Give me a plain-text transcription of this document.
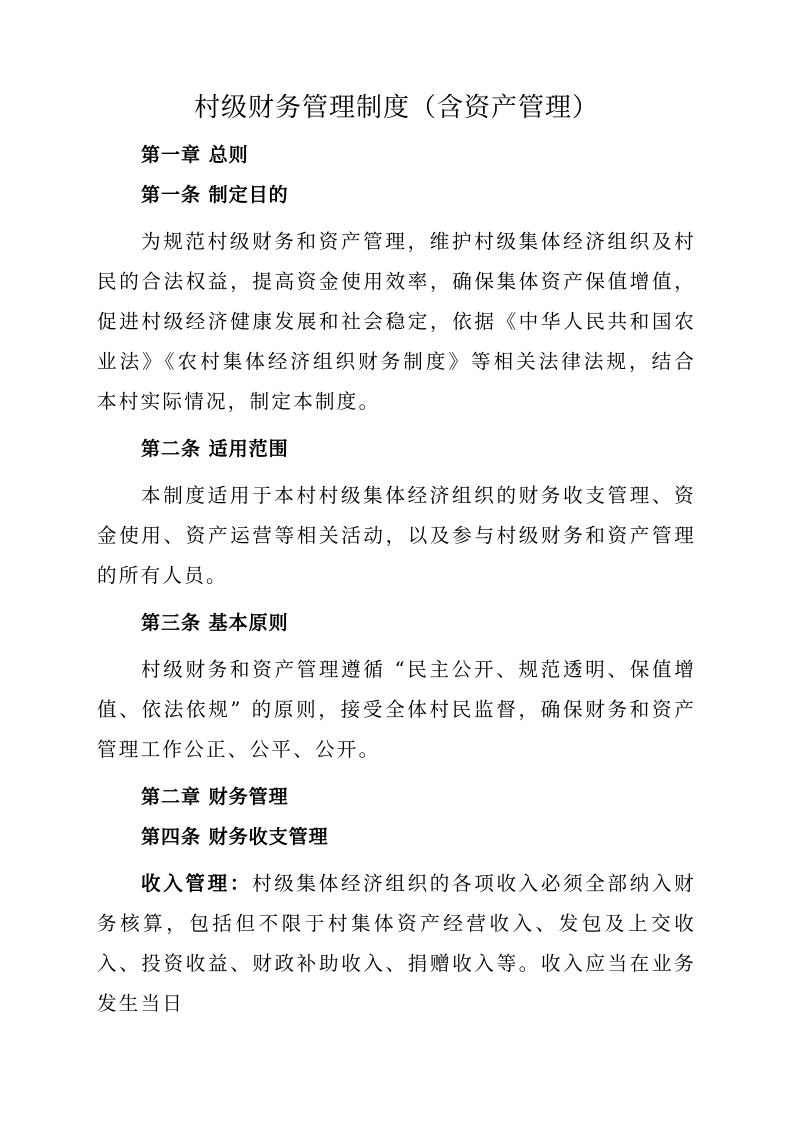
村级财务管理制度（含资产管理）
第一章 总则
第一条 制定目的

为规范村级财务和资产管理，维护村级集体经济组织及村民的合法权益，提高资金使用效率，确保集体资产保值增值，促进村级经济健康发展和社会稳定，依据《中华人民共和国农业法》《农村集体经济组织财务制度》等相关法律法规，结合本村实际情况，制定本制度。

第二条 适用范围

本制度适用于本村村级集体经济组织的财务收支管理、资金使用、资产运营等相关活动，以及参与村级财务和资产管理的所有人员。

第三条 基本原则

村级财务和资产管理遵循 “民主公开、规范透明、保值增值、依法依规” 的原则，接受全体村民监督，确保财务和资产管理工作公正、公平、公开。

第二章 财务管理
第四条 财务收支管理

收入管理：村级集体经济组织的各项收入必须全部纳入财务核算，包括但不限于村集体资产经营收入、发包及上交收入、投资收益、财政补助收入、捐赠收入等。收入应当在业务发生当日
